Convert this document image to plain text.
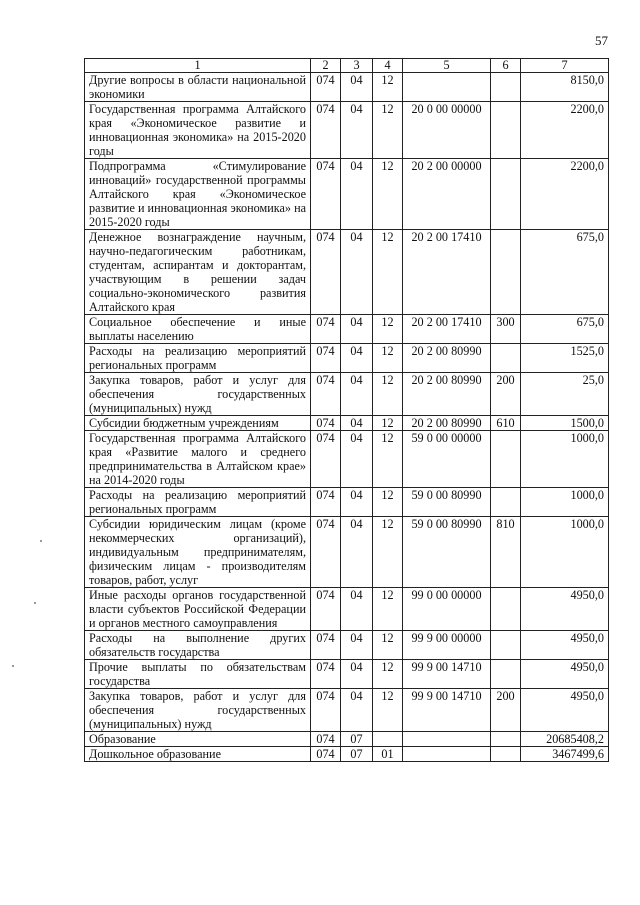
57
1	2	3	4	5	6	7
Другие вопросы в области национальной экономики	074	04	12			8150,0
Государственная программа Алтайского края «Экономическое развитие и инновационная экономика» на 2015-2020 годы	074	04	12	20 0 00 00000		2200,0
Подпрограмма «Стимулирование инноваций» государственной программы Алтайского края «Экономическое развитие и инновационная экономика» на 2015-2020 годы	074	04	12	20 2 00 00000		2200,0
Денежное вознаграждение научным, научно-педагогическим работникам, студентам, аспирантам и докторантам, участвующим в решении задач социально-экономического развития Алтайского края	074	04	12	20 2 00 17410		675,0
Социальное обеспечение и иные выплаты населению	074	04	12	20 2 00 17410	300	675,0
Расходы на реализацию мероприятий региональных программ	074	04	12	20 2 00 80990		1525,0
Закупка товаров, работ и услуг для обеспечения государственных (муниципальных) нужд	074	04	12	20 2 00 80990	200	25,0
Субсидии бюджетным учреждениям	074	04	12	20 2 00 80990	610	1500,0
Государственная программа Алтайского края «Развитие малого и среднего предпринимательства в Алтайском крае» на 2014-2020 годы	074	04	12	59 0 00 00000		1000,0
Расходы на реализацию мероприятий региональных программ	074	04	12	59 0 00 80990		1000,0
Субсидии юридическим лицам (кроме некоммерческих организаций), индивидуальным предпринимателям, физическим лицам - производителям товаров, работ, услуг	074	04	12	59 0 00 80990	810	1000,0
Иные расходы органов государственной власти субъектов Российской Федерации и органов местного самоуправления	074	04	12	99 0 00 00000		4950,0
Расходы на выполнение других обязательств государства	074	04	12	99 9 00 00000		4950,0
Прочие выплаты по обязательствам государства	074	04	12	99 9 00 14710		4950,0
Закупка товаров, работ и услуг для обеспечения государственных (муниципальных) нужд	074	04	12	99 9 00 14710	200	4950,0
Образование	074	07				20685408,2
Дошкольное образование	074	07	01			3467499,6
